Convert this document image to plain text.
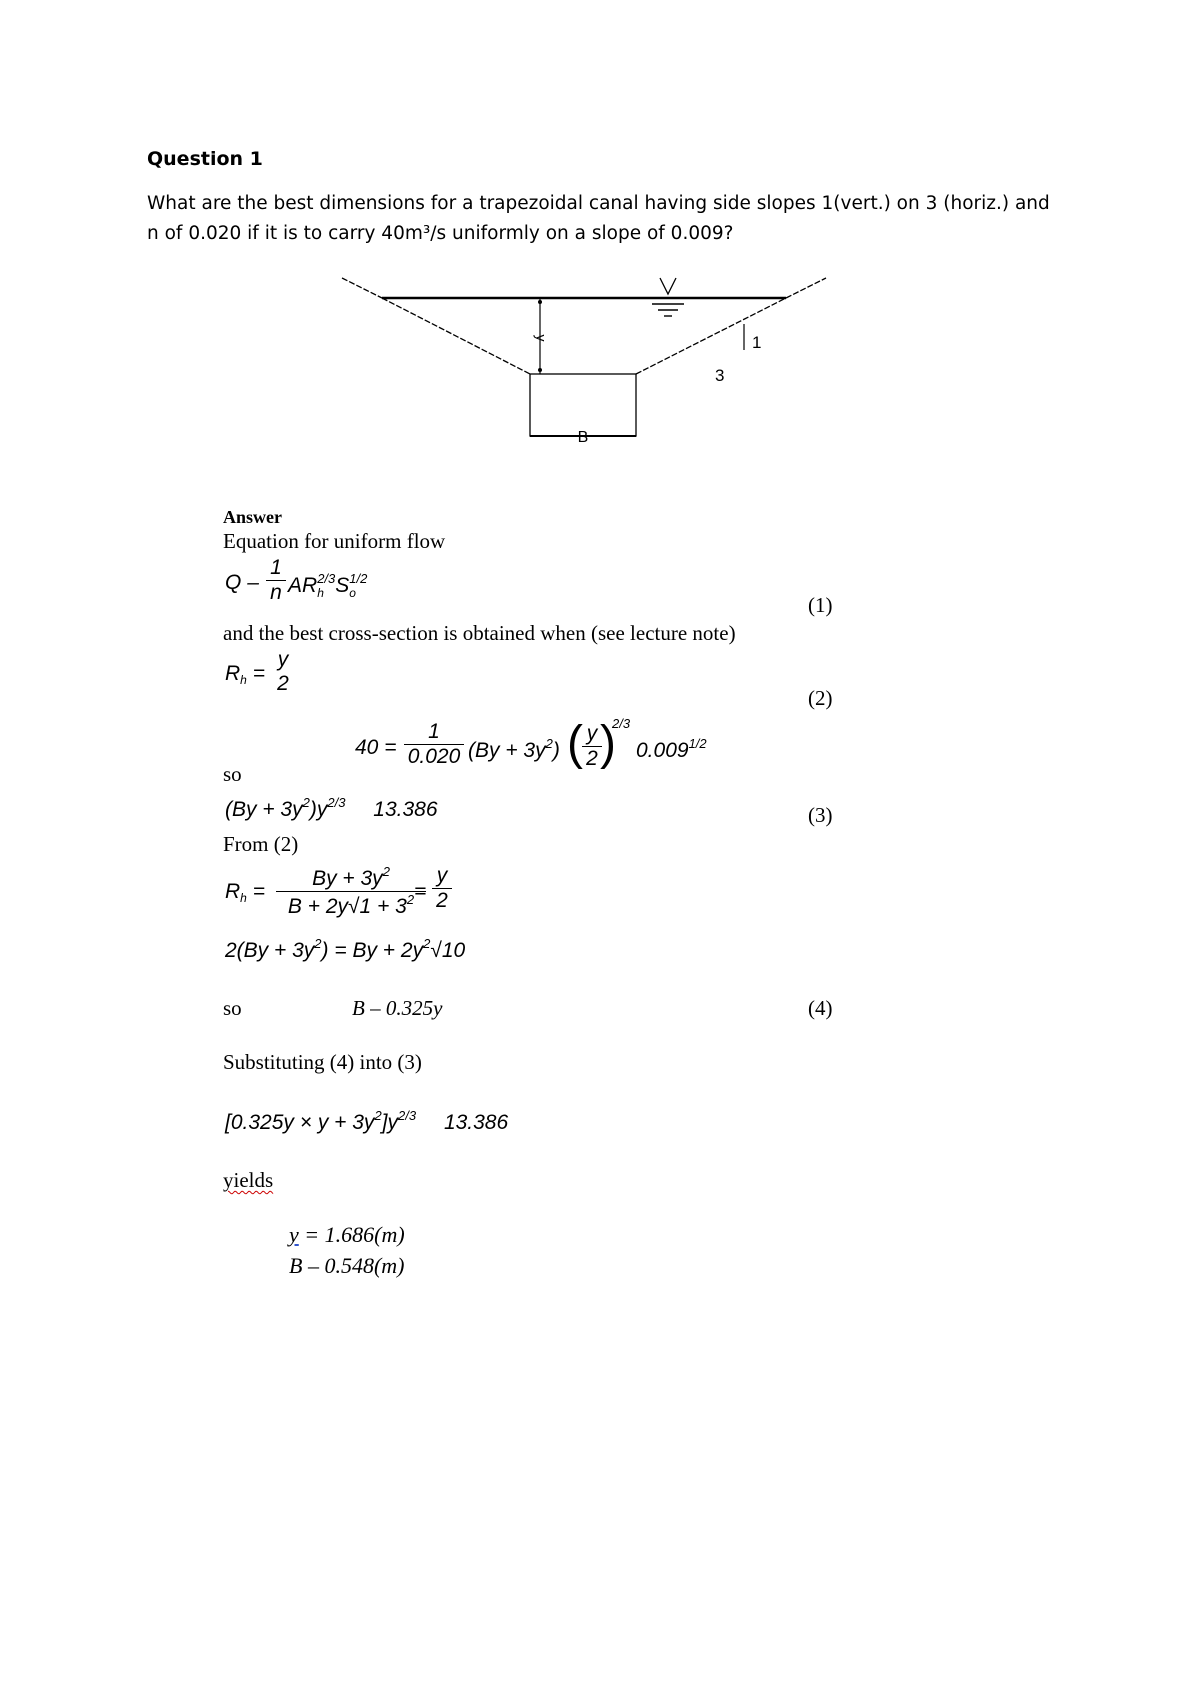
Question 1
What are the best dimensions for a trapezoidal canal having side slopes 1(vert.) on 3 (horiz.) and
n of 0.020 if it is to carry 40m³/s uniformly on a slope of 0.009?
y
B
1
3
Answer
Equation for uniform flow
Q –
1
n $AR^{2/3}$
h $S^{1/2}$
o	(1)
and the best cross-section is obtained when (see lecture note)
$R_h$ =
y
2
(2)
40 =
1
0.020 $(By + 3y^2)$ ( y
2 )
2/3
$0.009^{1/2}$
so
$(By + 3y^2)y^{2/3}$ 13.386	(3)
From (2)
$R_h$ =
$By + 3y^2$
$B + 2y√1 + 3^2$ =
y
2
$2(By + 3y^2) = By + 2y^2√10$
so	B – 0.325y	(4)
Substituting (4) into (3)
$[0.325y \times y + 3y^2]y^{2/3}$ 13.386
yields
y = 1.686(m)
B – 0.548(m)
